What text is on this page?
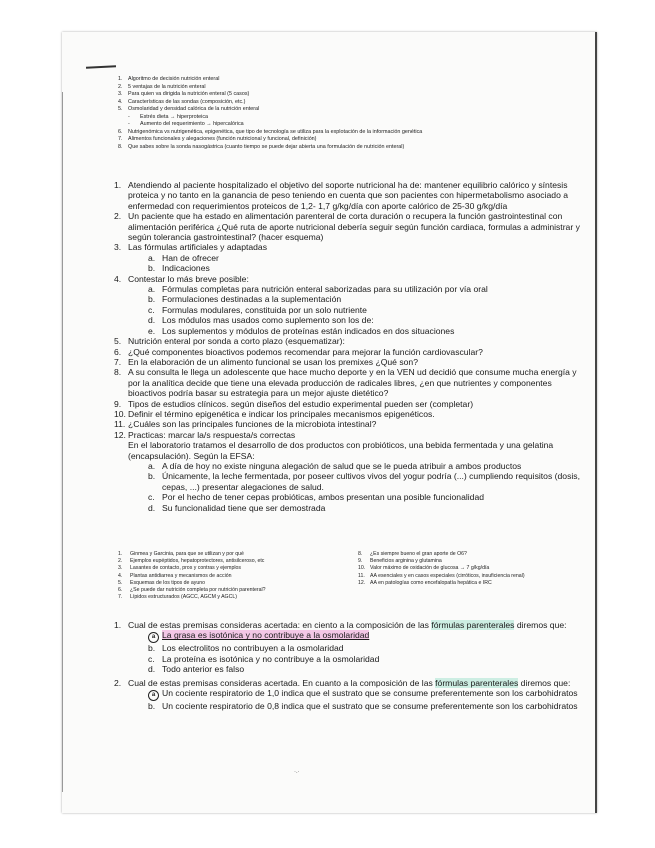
1.	Algoritmo de decisión nutrición enteral
2.	5 ventajas de la nutrición enteral
3.	Para quien va dirigida la nutrición enteral (5 casos)
4.	Características de las sondas (composición, etc.)
5.	Osmolaridad y densidad calórica de la nutrición enteral
-	Estrés dieta → hiperproteica
-	Aumento del requerimiento → hipercalórica
6.	Nutrigenómica vs nutrigenética, epigenética, que tipo de tecnología se utiliza para la explotación de la información genética
7.	Alimentos funcionales y alegaciones (función nutricional y funcional, definición)
8.	Que sabes sobre la sonda nasogástrica (cuanto tiempo se puede dejar abierta una formulación de nutrición enteral)
1. Atendiendo al paciente hospitalizado el objetivo del soporte nutricional ha de: mantener equilibrio calórico y síntesis proteica y no tanto en la ganancia de peso teniendo en cuenta que son pacientes con hipermetabolismo asociado a enfermedad con requerimientos proteicos de 1,2- 1,7 g/kg/día con aporte calórico de 25-30 g/kg/día
2. Un paciente que ha estado en alimentación parenteral de corta duración o recupera la función gastrointestinal con alimentación periférica ¿Qué ruta de aporte nutricional debería seguir según función cardiaca, formulas a administrar y según tolerancia gastrointestinal? (hacer esquema)
3. Las fórmulas artificiales y adaptadas
a. Han de ofrecer
b. Indicaciones
4. Contestar lo más breve posible:
a. Fórmulas completas para nutrición enteral saborizadas para su utilización por vía oral
b. Formulaciones destinadas a la suplementación
c. Formulas modulares, constituida por un solo nutriente
d. Los módulos mas usados como suplemento son los de:
e. Los suplementos y módulos de proteínas están indicados en dos situaciones
5. Nutrición enteral por sonda a corto plazo (esquematizar):
6. ¿Qué componentes bioactivos podemos recomendar para mejorar la función cardiovascular?
7. En la elaboración de un alimento funcional se usan los premixes ¿Qué son?
8. A su consulta le llega un adolescente que hace mucho deporte y en la VEN ud decidió que consume mucha energía y por la analítica decide que tiene una elevada producción de radicales libres, ¿en que nutrientes y componentes bioactivos podría basar su estrategia para un mejor ajuste dietético?
9. Tipos de estudios clínicos. según diseños del estudio experimental pueden ser (completar)
10. Definir el término epigenética e indicar los principales mecanismos epigenéticos.
11. ¿Cuáles son las principales funciones de la microbiota intestinal?
12. Practicas: marcar la/s respuesta/s correctas
En el laboratorio tratamos el desarrollo de dos productos con probióticos, una bebida fermentada y una gelatina (encapsulación). Según la EFSA:
a. A día de hoy no existe ninguna alegación de salud que se le pueda atribuir a ambos productos
b. Únicamente, la leche fermentada, por poseer cultivos vivos del yogur podría (...) cumpliendo requisitos (dosis, cepas, ...) presentar alegaciones de salud.
c. Por el hecho de tener cepas probióticas, ambos presentan una posible funcionalidad
d. Su funcionalidad tiene que ser demostrada
1.	Ginmea y Garcinia, para que se utilizan y por qué
2.	Ejemplos eupéptidos, hepatoprotectores, antisilceroso, etc
3.	Laxantes de contacto, pros y contras y ejemplos
4.	Plantas antidiarrea y mecanismos de acción
5.	Esquemas de los tipos de ayuno
6.	¿Se puede dar nutrición completa por nutrición parenteral?
7.	Lípidos estructurados (AGCC, AGCM y AGCL)
8.	¿Es siempre bueno el gran aporte de O6?
9.	Beneficios arginina y glutamina
10. Valor máximo de oxidación de glucosa → 7 g/kg/día
11. AA esenciales y en casos especiales (cirróticos, insuficiencia renal)
12. AA en patologías como encefalopatía hepática e IRC
1. Cual de estas premisas consideras acertada: en ciento a la composición de las fórmulas parenterales diremos que:
a La grasa es isotónica y no contribuye a la osmolaridad
b. Los electrolitos no contribuyen a la osmolaridad
c. La proteína es isotónica y no contribuye a la osmolaridad
d. Todo anterior es falso
2. Cual de estas premisas consideras acertada. En cuanto a la composición de las fórmulas parenterales diremos que:
a Un cociente respiratorio de 1,0 indica que el sustrato que se consume preferentemente son los carbohidratos
b. Un cociente respiratorio de 0,8 indica que el sustrato que se consume preferentemente son los carbohidratos
·.·
